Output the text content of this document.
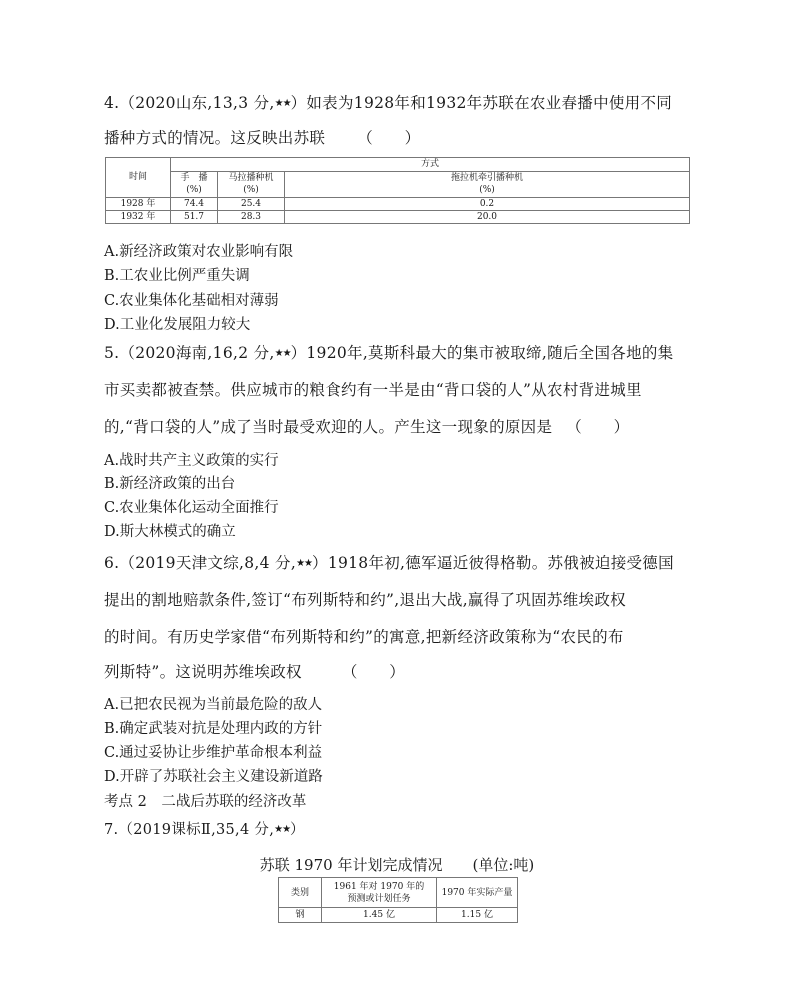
4.（2020山东,13,3 分,★★）如表为1928年和1932年苏联在农业春播中使用不同
播种方式的情况。这反映出苏联 （　　）
时间	方式		
	手　播	马拉播种机	拖拉机牵引播种机
	(%)	(%)	(%)
1928 年	74.4	25.4	0.2
1932 年	51.7	28.3	20.0
A.新经济政策对农业影响有限
B.工农业比例严重失调
C.农业集体化基础相对薄弱
D.工业化发展阻力较大
5.（2020海南,16,2 分,★★）1920年,莫斯科最大的集市被取缔,随后全国各地的集
市买卖都被查禁。供应城市的粮食约有一半是由“背口袋的人”从农村背进城里
的,“背口袋的人”成了当时最受欢迎的人。产生这一现象的原因是 （　　）
A.战时共产主义政策的实行
B.新经济政策的出台
C.农业集体化运动全面推行
D.斯大林模式的确立
6.（2019天津文综,8,4 分,★★）1918年初,德军逼近彼得格勒。苏俄被迫接受德国
提出的割地赔款条件,签订“布列斯特和约”,退出大战,赢得了巩固苏维埃政权
的时间。有历史学家借“布列斯特和约”的寓意,把新经济政策称为“农民的布
列斯特”。这说明苏维埃政权	（　　）
A.已把农民视为当前最危险的敌人
B.确定武装对抗是处理内政的方针
C.通过妥协让步维护革命根本利益
D.开辟了苏联社会主义建设新道路
考点 2　二战后苏联的经济改革
7.（2019课标Ⅱ,35,4 分,★★）
苏联 1970 年计划完成情况　　(单位:吨)
类别	1961 年对 1970 年的
预测或计划任务	1970 年实际产量
钢	1.45 亿	1.15 亿
